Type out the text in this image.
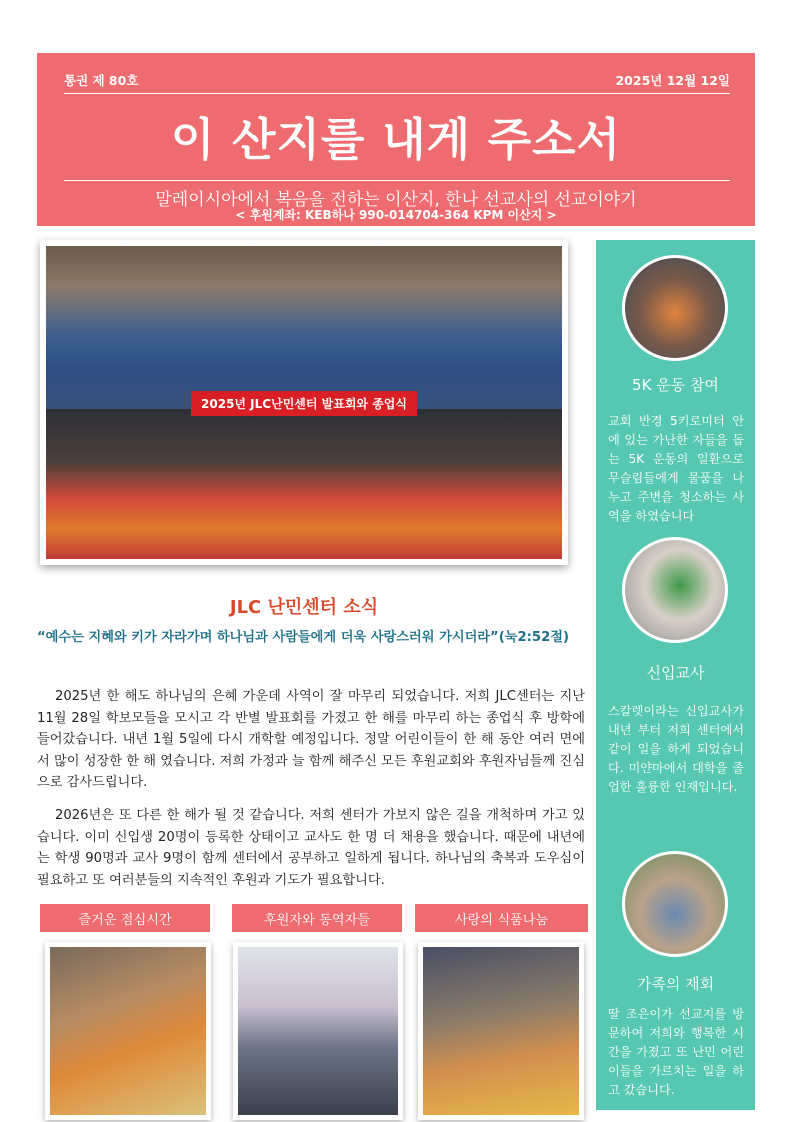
통권 제 80호	2025년 12월 12일
이 산지를 내게 주소서
말레이시아에서 복음을 전하는 이산지, 한나 선교사의 선교이야기
< 후원계좌: KEB하나 990-014704-364 KPM 이산지 >
2025년 JLC난민센터 발표회와 종업식
JLC 난민센터 소식
“예수는 지혜와 키가 자라가며 하나님과 사람들에게 더욱 사랑스러워 가시더라”(눅2:52절)

2025년 한 해도 하나님의 은혜 가운데 사역이 잘 마무리 되었습니다. 저희 JLC센터는 지난 11월 28일 학보모들을 모시고 각 반별 발표회를 가졌고 한 해를 마무리 하는 종업식 후 방학에 들어갔습니다. 내년 1월 5일에 다시 개학할 예정입니다. 정말 어린이들이 한 해 동안 여러 면에서 많이 성장한 한 해 였습니다. 저희 가정과 늘 함께 해주신 모든 후원교회와 후원자님들께 진심으로 감사드립니다.

2026년은 또 다른 한 해가 될 것 같습니다. 저희 센터가 가보지 않은 길을 개척하며 가고 있습니다. 이미 신입생 20명이 등록한 상태이고 교사도 한 명 더 채용을 했습니다. 때문에 내년에는 학생 90명과 교사 9명이 함께 센터에서 공부하고 일하게 됩니다. 하나님의 축복과 도우심이 필요하고 또 여러분들의 지속적인 후원과 기도가 필요합니다.

즐거운 점심시간	후원자와 동역자들	사랑의 식품나눔
5K 운동 참여
교회 반경 5키로미터 안에 있는 가난한 자들을 돕는 5K 운동의 일환으로 무슬림들에게 물품을 나누고 주변을 청소하는 사역을 하였습니다
신입교사
스칼렛이라는 신입교사가 내년 부터 저희 센터에서 같이 일을 하게 되었습니다. 미얀마에서 대학을 졸업한 훌륭한 인재입니다.
가족의 재회
딸 조은이가 선교지를 방문하여 저희와 행복한 시간을 가졌고 또 난민 어린이들을 가르치는 일을 하고 갔습니다.
